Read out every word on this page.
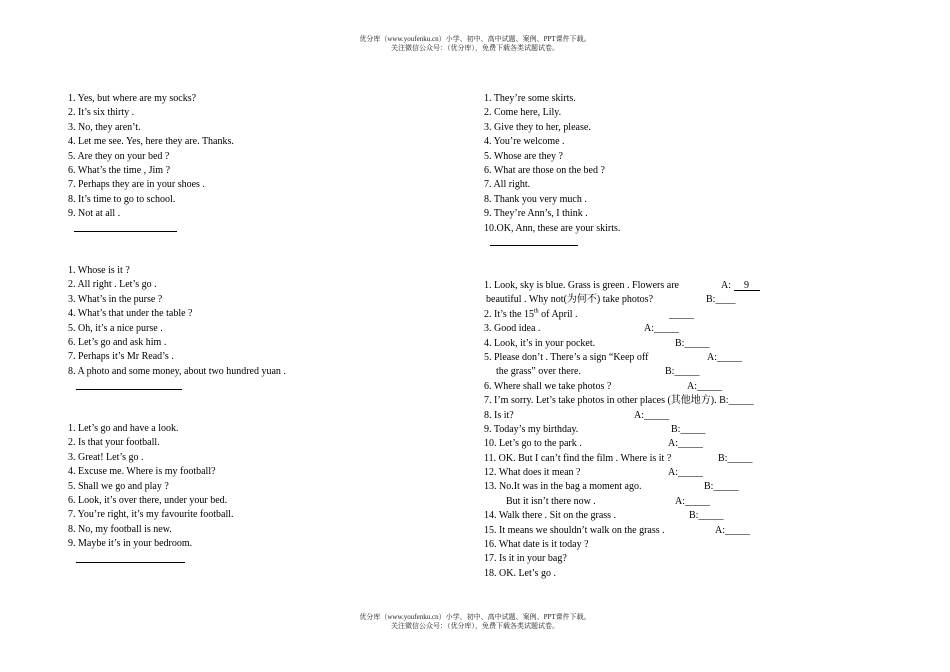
优分库（www.youfenku.cn）小学、初中、高中试题、案例、PPT课件下载。
关注微信公众号：（优分库），免费下载各类试题试卷。
1. Yes, but where are my socks?
2. It’s six thirty .
3. No, they aren’t.
4. Let me see. Yes, here they are. Thanks.
5. Are they on your bed ?
6. What’s the time , Jim ?
7. Perhaps they are in your shoes .
8. It’s time to go to school.
9. Not at all .
1. Whose is it ?
2. All right . Let’s go .
3. What’s in the purse ?
4. What’s that under the table ?
5. Oh, it’s a nice purse .
6. Let’s go and ask him .
7. Perhaps it’s Mr Read’s .
8. A photo and some money, about two hundred yuan .
1. Let’s go and have a look.
2. Is that your football.
3. Great! Let’s go .
4. Excuse me. Where is my football?
5. Shall we go and play ?
6. Look, it’s over there, under your bed.
7. You’re right, it’s my favourite football.
8. No, my football is new.
9. Maybe it’s in your bedroom.
1. They’re some skirts.
2. Come here, Lily.
3. Give they to her, please.
4. You’re welcome .
5. Whose are they ?
6. What are those on the bed ?
7. All right.
8. Thank you very much .
9. They’re Ann’s, I think .
10.OK, Ann, these are your skirts.
1. Look, sky is blue. Grass is green . Flowers are	A: 9
beautiful . Why not(为何不) take photos?	B:____
2. It’s the 15th of April .	_____
3. Good idea .	A:_____
4. Look, it’s in your pocket.	B:_____
5. Please don’t . There’s a sign “Keep off	A:_____
the grass” over there.	B:_____
6. Where shall we take photos ?	A:_____
7. I’m sorry. Let’s take photos in other places (其他地方). B:_____
8. Is it?	A:_____
9. Today’s my birthday.	B:_____
10. Let’s go to the park .	A:_____
11. OK. But I can’t find the film . Where is it ?	B:_____
12. What does it mean ?	A:_____
13. No.It was in the bag a moment ago.	B:_____
But it isn’t there now .	A:_____
14. Walk there . Sit on the grass .	B:_____
15. It means we shouldn’t walk on the grass .	A:_____
16. What date is it today ?
17. Is it in your bag?
18. OK. Let’s go .
优分库（www.youfenku.cn）小学、初中、高中试题、案例、PPT课件下载。
关注微信公众号：（优分库），免费下载各类试题试卷。
